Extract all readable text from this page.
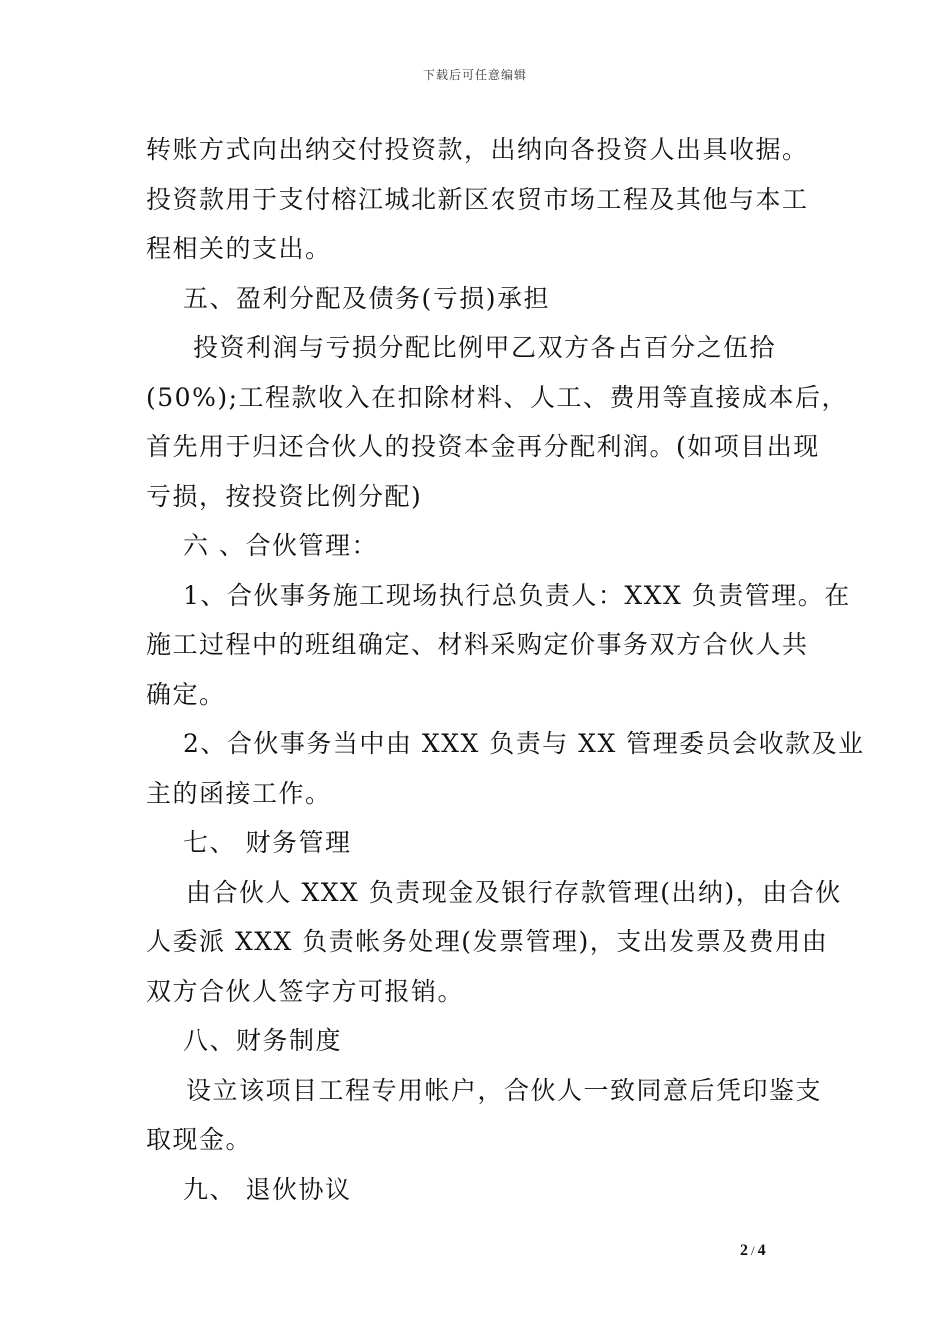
下载后可任意编辑
转账方式向出纳交付投资款，出纳向各投资人出具收据。
投资款用于支付榕江城北新区农贸市场工程及其他与本工
程相关的支出。
五、盈利分配及债务(亏损)承担
投资利润与亏损分配比例甲乙双方各占百分之伍拾
(50%);工程款收入在扣除材料、人工、费用等直接成本后，
首先用于归还合伙人的投资本金再分配利润。(如项目出现
亏损，按投资比例分配)
六 、合伙管理：
1、合伙事务施工现场执行总负责人：XXX 负责管理。在
施工过程中的班组确定、材料采购定价事务双方合伙人共
确定。
2、合伙事务当中由 XXX 负责与 XX 管理委员会收款及业
主的函接工作。
七、 财务管理
由合伙人 XXX 负责现金及银行存款管理(出纳)，由合伙
人委派 XXX 负责帐务处理(发票管理)，支出发票及费用由
双方合伙人签字方可报销。
八、财务制度
设立该项目工程专用帐户，合伙人一致同意后凭印鉴支
取现金。
九、 退伙协议
2 / 4
